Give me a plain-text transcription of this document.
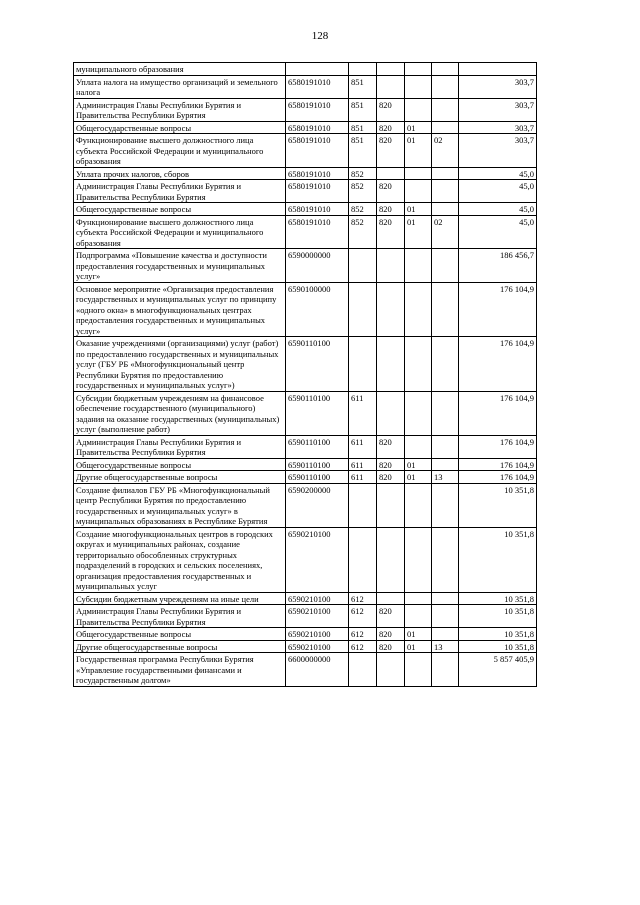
128
муниципального образования						
Уплата налога на имущество организаций и земельного налога	6580191010	851				303,7
Администрация Главы Республики Бурятия и Правительства Республики Бурятия	6580191010	851	820			303,7
Общегосударственные вопросы	6580191010	851	820	01		303,7
Функционирование высшего должностного лица субъекта Российской Федерации и муниципального образования	6580191010	851	820	01	02	303,7
Уплата прочих налогов, сборов	6580191010	852				45,0
Администрация Главы Республики Бурятия и Правительства Республики Бурятия	6580191010	852	820			45,0
Общегосударственные вопросы	6580191010	852	820	01		45,0
Функционирование высшего должностного лица субъекта Российской Федерации и муниципального образования	6580191010	852	820	01	02	45,0
Подпрограмма «Повышение качества и доступности предоставления государственных и муниципальных услуг»	6590000000					186 456,7
Основное мероприятие «Организация предоставления государственных и муниципальных услуг по принципу «одного окна» в многофункциональных центрах предоставления государственных и муниципальных услуг»	6590100000					176 104,9
Оказание учреждениями (организациями) услуг (работ) по предоставлению государственных и муниципальных услуг (ГБУ РБ «Многофункциональный центр Республики Бурятия по предоставлению государственных и муниципальных услуг»)	6590110100					176 104,9
Субсидии бюджетным учреждениям на финансовое обеспечение государственного (муниципального) задания на оказание государственных (муниципальных) услуг (выполнение работ)	6590110100	611				176 104,9
Администрация Главы Республики Бурятия и Правительства Республики Бурятия	6590110100	611	820			176 104,9
Общегосударственные вопросы	6590110100	611	820	01		176 104,9
Другие общегосударственные вопросы	6590110100	611	820	01	13	176 104,9
Создание филиалов ГБУ РБ «Многофункциональный центр Республики Бурятия по предоставлению государственных и муниципальных услуг» в муниципальных образованиях в Республике Бурятия	6590200000					10 351,8
Создание многофункциональных центров в городских округах и муниципальных районах, создание территориально обособленных структурных подразделений в городских и сельских поселениях, организация предоставления государственных и муниципальных услуг	6590210100					10 351,8
Субсидии бюджетным учреждениям на иные цели	6590210100	612				10 351,8
Администрация Главы Республики Бурятия и Правительства Республики Бурятия	6590210100	612	820			10 351,8
Общегосударственные вопросы	6590210100	612	820	01		10 351,8
Другие общегосударственные вопросы	6590210100	612	820	01	13	10 351,8
Государственная программа Республики Бурятия «Управление государственными финансами и государственным долгом»	6600000000					5 857 405,9
